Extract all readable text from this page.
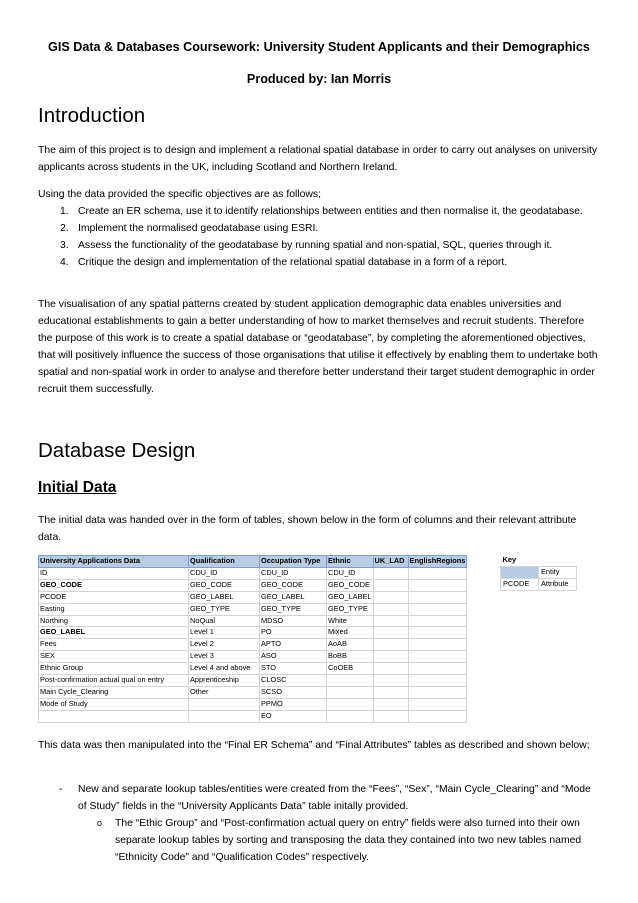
GIS Data & Databases Coursework: University Student Applicants and their Demographics
Produced by: Ian Morris
Introduction

The aim of this project is to design and implement a relational spatial database in order to carry out analyses on university applicants across students in the UK, including Scotland and Northern Ireland.

Using the data provided the specific objectives are as follows;

1. Create an ER schema, use it to identify relationships between entities and then normalise it, the geodatabase.
2. Implement the normalised geodatabase using ESRI.
3. Assess the functionality of the geodatabase by running spatial and non-spatial, SQL, queries through it.
4. Critique the design and implementation of the relational spatial database in a form of a report.

The visualisation of any spatial patterns created by student application demographic data enables universities and educational establishments to gain a better understanding of how to market themselves and recruit students. Therefore the purpose of this work is to create a spatial database or “geodatabase”, by completing the aforementioned objectives, that will positively influence the success of those organisations that utilise it effectively by enabling them to undertake both spatial and non-spatial work in order to analyse and therefore better understand their target student demographic in order recruit them successfully.

Database Design
Initial Data

The initial data was handed over in the form of tables, shown below in the form of columns and their relevant attribute data.

University Applications Data	Qualification	Occupation Type	Ethnic	UK_LAD	EnglishRegions
ID	CDU_ID	CDU_ID	CDU_ID		
GEO_CODE	GEO_CODE	GEO_CODE	GEO_CODE		
PCODE	GEO_LABEL	GEO_LABEL	GEO_LABEL		
Easting	GEO_TYPE	GEO_TYPE	GEO_TYPE		
Northing	NoQual	MDSO	White		
GEO_LABEL	Level 1	PO	Mixed		
Fees	Level 2	APTO	AoAB		
SEX	Level 3	ASO	BoBB		
Ethnic Group	Level 4 and above	STO	CoOEB		
Post-confirmation actual qual on entry	Apprenticeship	CLOSC			
Main Cycle_Clearing	Other	SCSO			
Mode of Study		PPMO			
		EO			
Key	
	Entity
PCODE	Attribute

This data was then manipulated into the “Final ER Schema” and “Final Attributes” tables as described and shown below;

- New and separate lookup tables/entities were created from the “Fees”, “Sex”, “Main Cycle_Clearing” and “Mode of Study” fields in the “University Applicants Data” table initally provided.
o The “Ethic Group” and “Post-confirmation actual query on entry” fields were also turned into their own separate lookup tables by sorting and transposing the data they contained into two new tables named “Ethnicity Code” and “Qualification Codes” respectively.
